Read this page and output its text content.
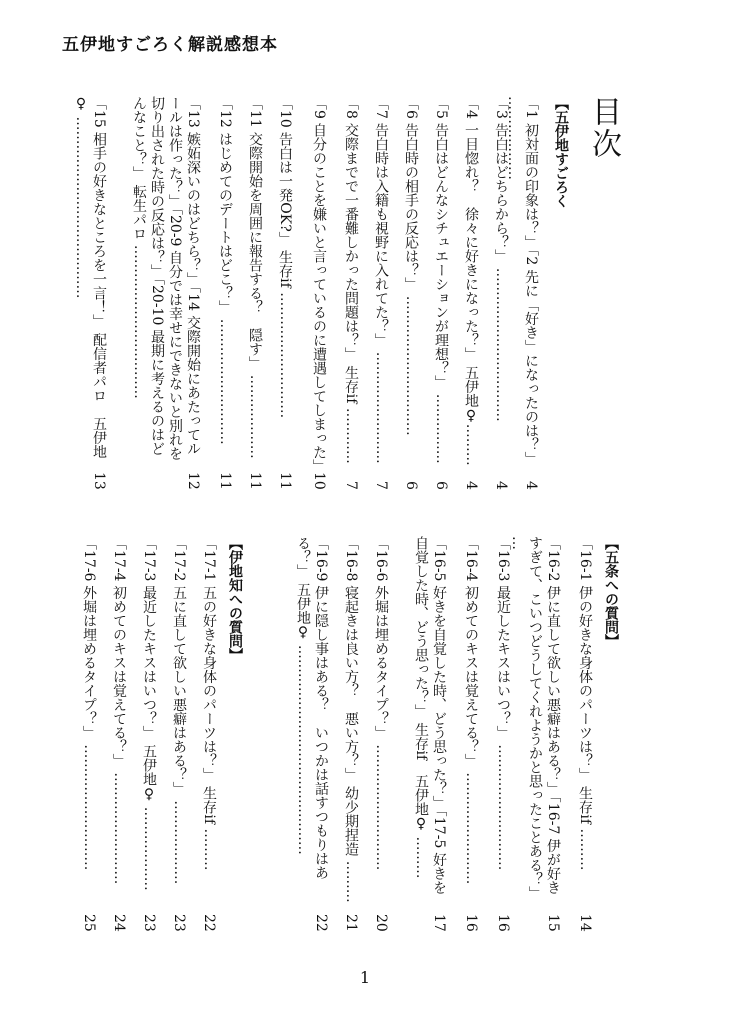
五伊地すごろく解説感想本
目次
【五伊地すごろく
「1 初対面の印象は？」「2 先に「好き」になったのは？」 ………………
4
「3 告白はどちらから？」 ……………………………
4
「4 一目惚れ？　徐々に好きになった？」 五伊地♀………
4
「5 告白はどんなシチュエーションが理想？」 ……………
6
「6 告白時の相手の反応は？」 …………………………
6
「7 告白時は入籍も視野に入れてた？」 ……………………
7
「8 交際までで一番難しかった問題は？」 生存if …………
7
「9 自分のことを嫌いと言っているのに遭遇してしまった」
10
「10 告白は一発OK?」 生存if ………………………
11
「11 交際開始を周囲に報告する？　隠す」 ………………
11
「12 はじめてのデートはどこ？」 ………………………
11
「13 嫉妬深いのはどちら？」「14 交際開始にあたってルールは作った？」「20-9 自分では幸せにできないと別れを切り出された時の反応は？」「20-10 最期に考えるのはどんなこと？」 転生パロ ……………………………
12
「15 相手の好きなところを一言！」 配信者パロ　五伊地♀ …………………………………
13
【五条への質問】
「16-1 伊の好きな身体のパーツは？」 生存if ………
14
「16-2 伊に直して欲しい悪癖はある？」「16-7 伊が好きすぎて、こいつどうしてくれようかと思ったことある？」 …
15
「16-3 最近したキスはいつ？」 ………………………
16
「16-4 初めてのキスは覚えてる？」 ……………………
16
「16-5 好きを自覚した時、どう思った？」「17-5 好きを自覚した時、どう思った？」 生存if　五伊地♀ ………
17
「16-6 外堀は埋めるタイプ？」 ………………………
20
「16-8 寝起きは良い方？　悪い方？」 幼少期捏造 ………
21
「16-9 伊に隠し事はある？　いつかは話すつもりはある？」 五伊地♀ ………………………………………
22
【伊地知への質問】
「17-1 五の好きな身体のパーツは？」 生存if ………
22
「17-2 五に直して欲しい悪癖はある？」 ………………
23
「17-3 最近したキスはいつ？」 五伊地♀ ………………
23
「17-4 初めてのキスは覚えてる？」 ……………………
24
「17-6 外堀は埋めるタイプ？」 ………………………
25
1
